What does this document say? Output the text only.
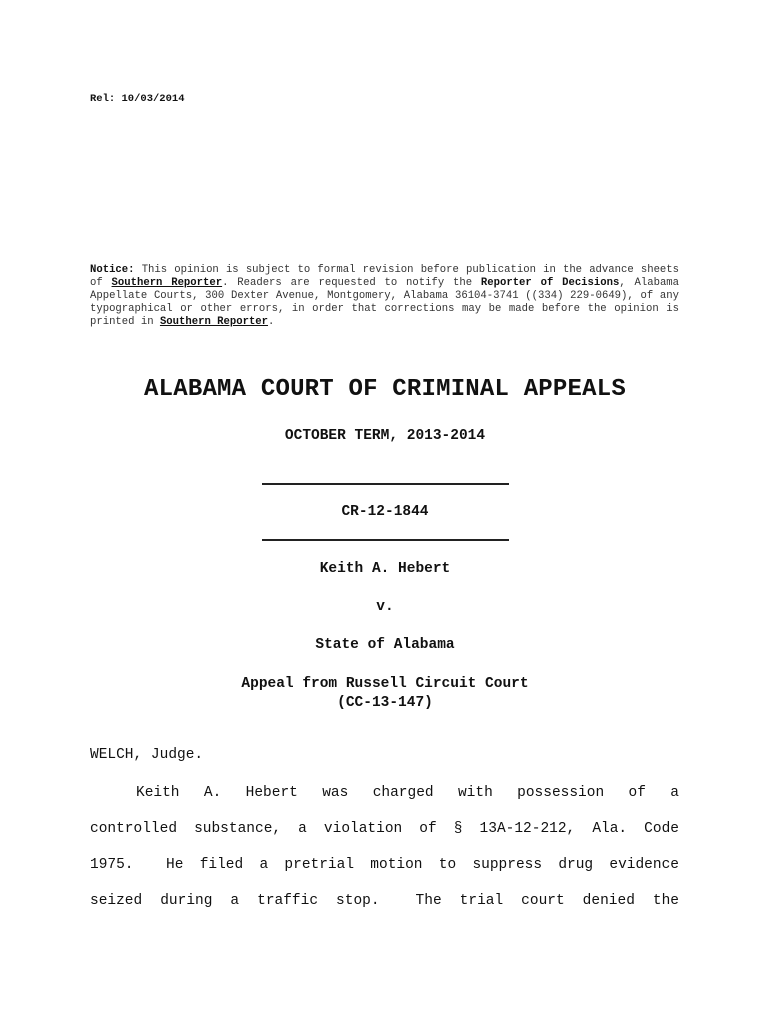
Rel: 10/03/2014
Notice: This opinion is subject to formal revision before publication in the advance sheets of Southern Reporter. Readers are requested to notify the Reporter of Decisions, Alabama Appellate Courts, 300 Dexter Avenue, Montgomery, Alabama 36104-3741 ((334) 229-0649), of any typographical or other errors, in order that corrections may be made before the opinion is printed in Southern Reporter.
ALABAMA COURT OF CRIMINAL APPEALS
OCTOBER TERM, 2013-2014
CR-12-1844
Keith A. Hebert
v.
State of Alabama
Appeal from Russell Circuit Court
(CC-13-147)
WELCH, Judge.
Keith A. Hebert was charged with possession of a
controlled substance, a violation of § 13A-12-212, Ala. Code
1975.  He filed a pretrial motion to suppress drug evidence
seized during a traffic stop.  The trial court denied the
